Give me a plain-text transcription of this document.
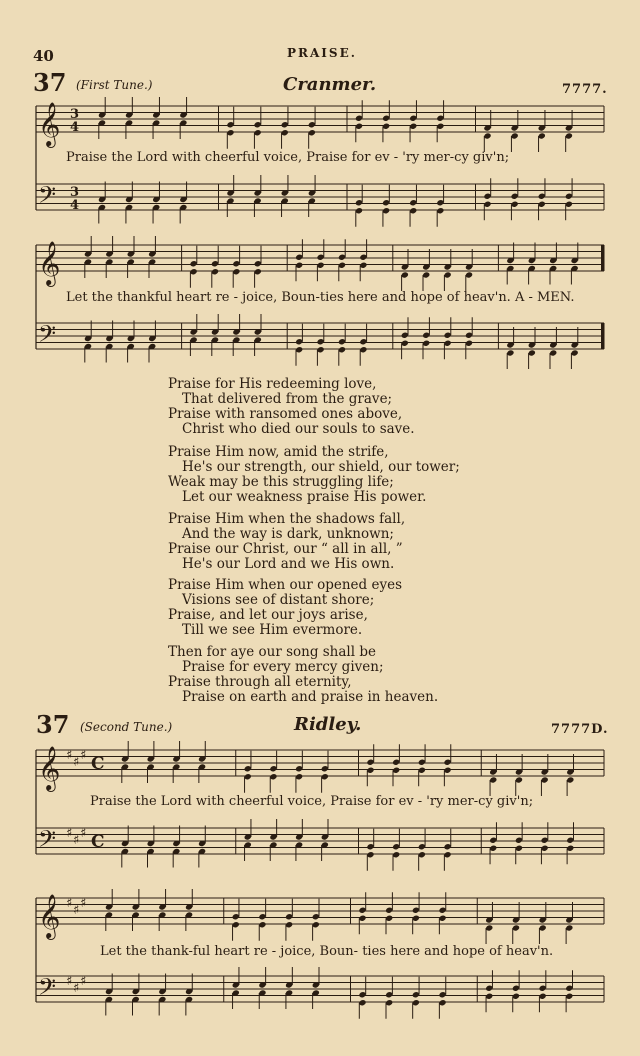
40	PRAISE.
37 (First Tune.)	Cranmer.	7777.
𝄞 3
4
𝄢 3
4
Praise the Lord with cheerful voice, Praise for ev - 'ry mer-cy giv'n;
𝄞
𝄢
Let the thankful heart re - joice, Boun-ties here and hope of heav'n. A - MEN.
Praise for His redeeming love,
That delivered from the grave;
Praise with ransomed ones above,
Christ who died our souls to save.
Praise Him now, amid the strife,
He's our strength, our shield, our tower;
Weak may be this struggling life;
Let our weakness praise His power.
Praise Him when the shadows fall,
And the way is dark, unknown;
Praise our Christ, our “ all in all, ”
He's our Lord and we His own.
Praise Him when our opened eyes
Visions see of distant shore;
Praise, and let our joys arise,
Till we see Him evermore.
Then for aye our song shall be
Praise for every mercy given;
Praise through all eternity,
Praise on earth and praise in heaven.
37 (Second Tune.)	Ridley.	7777D.
𝄞 ♯ ♯ ♯ C
𝄢 ♯ ♯ ♯ C
Praise the Lord with cheerful voice, Praise for ev - 'ry mer-cy giv'n;
𝄞 ♯ ♯ ♯
𝄢 ♯ ♯ ♯
Let the thank-ful heart re - joice, Boun- ties here and hope of heav'n.
